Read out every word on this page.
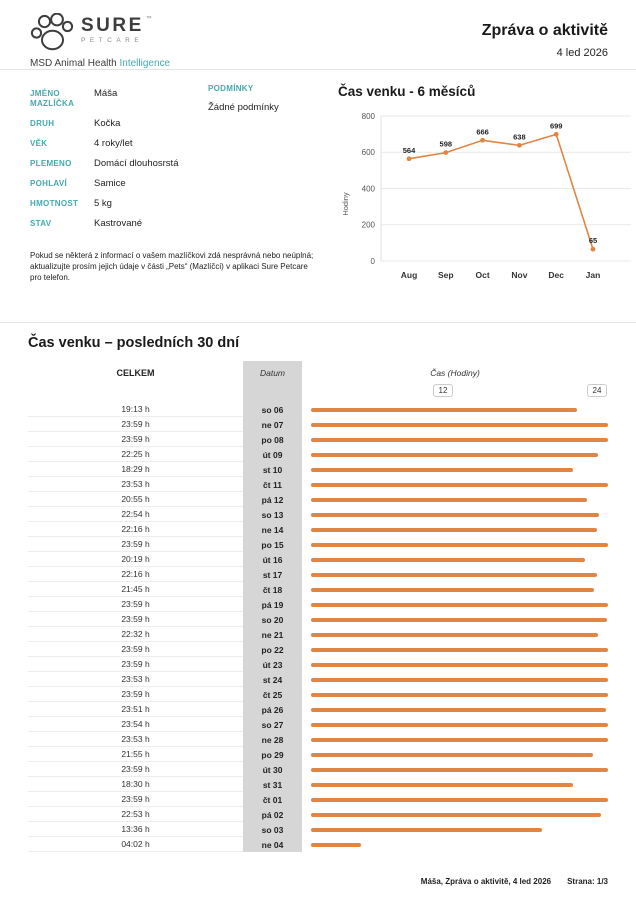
SURE ™
PETCARE
MSD Animal Health Intelligence
Zpráva o aktivitě
4 led 2026
JMÉNO MAZLÍČKA
Máša
DRUH	Kočka
VĚK	4 roky/let
PLEMENO	Domácí dlouhosrstá
POHLAVÍ	Samice
HMOTNOST	5 kg
STAV	Kastrované
PODMÍNKY
Žádné podmínky

Pokud se některá z informací o vašem mazlíčkovi zdá nesprávná nebo neúplná; aktualizujte prosím jejich údaje v části „Pets“ (Mazlíčci) v aplikaci Sure Petcare pro telefon.

Čas venku - 6 měsíců
0
200
400
600
800
Aug Sep	Oct	Nov Dec	Jan
Hodiny
564
598
666
638
699
65
Čas venku – posledních 30 dní
CELKEM	Datum	Čas (Hodiny)
12	24
19:13 h	so 06
23:59 h	ne 07
23:59 h	po 08
22:25 h	út 09
18:29 h	st 10
23:53 h	čt 11
20:55 h	pá 12
22:54 h	so 13
22:16 h	ne 14
23:59 h	po 15
20:19 h	út 16
22:16 h	st 17
21:45 h	čt 18
23:59 h	pá 19
23:59 h	so 20
22:32 h	ne 21
23:59 h	po 22
23:59 h	út 23
23:53 h	st 24
23:59 h	čt 25
23:51 h	pá 26
23:54 h	so 27
23:53 h	ne 28
21:55 h	po 29
23:59 h	út 30
18:30 h	st 31
23:59 h	čt 01
22:53 h	pá 02
13:36 h	so 03
04:02 h	ne 04
Máša, Zpráva o aktivitě, 4 led 2026 Strana: 1/3
